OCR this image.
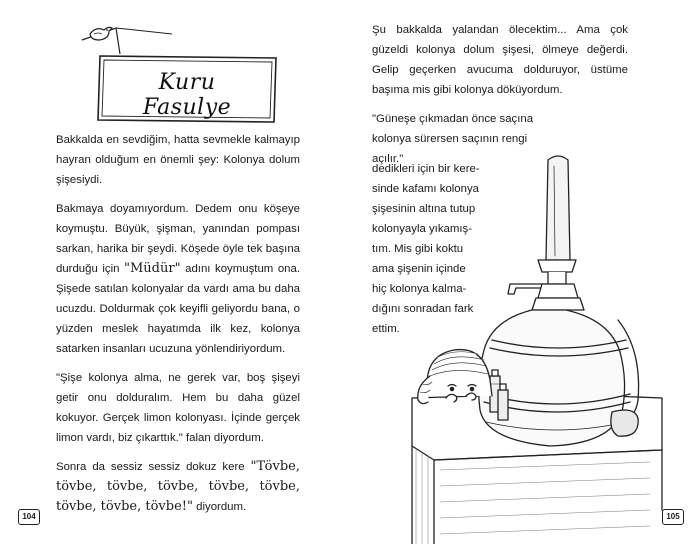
Kuru Fasulye

Bakkalda en sevdiğim, hatta sevmekle kalmayıp hayran olduğum en önemli şey: Kolonya dolum şişesiydi.

Bakmaya doyamıyordum. Dedem onu köşeye koymuştu. Büyük, şişman, yanından pompası sarkan, harika bir şeydi. Köşede öyle tek başına durduğu için "Müdür" adını koymuştum ona. Şişede satılan kolonyalar da vardı ama bu daha ucuzdu. Doldurmak çok keyifli geliyordu bana, o yüzden meslek hayatımda ilk kez, kolonya satarken insanları ucuzuna yönlendiriyordum.

"Şişe kolonya alma, ne gerek var, boş şişeyi getir onu dolduralım. Hem bu daha güzel kokuyor. Gerçek limon kolonyası. İçinde gerçek limon vardı, biz çıkarttık." falan diyordum.

Sonra da sessiz sessiz dokuz kere "Tövbe, tövbe, tövbe, tövbe, tövbe, tövbe, tövbe, tövbe, tövbe!" diyordum.

104

Şu bakkalda yalandan ölecektim... Ama çok güzeldi kolonya dolum şişesi, ölmeye değerdi. Gelip geçerken avucuma dolduruyor, üstüme başıma mis gibi kolonya döküyordum.

"Güneşe çıkmadan önce saçına kolonya sürersen saçının rengi açılır."

dedikleri için bir kere-

sinde kafamı kolonya

şişesinin altına tutup

kolonyayla yıkamış-

tım. Mis gibi koktu

ama şişenin içinde

hiç kolonya kalma-

dığını sonradan fark

ettim.

105
